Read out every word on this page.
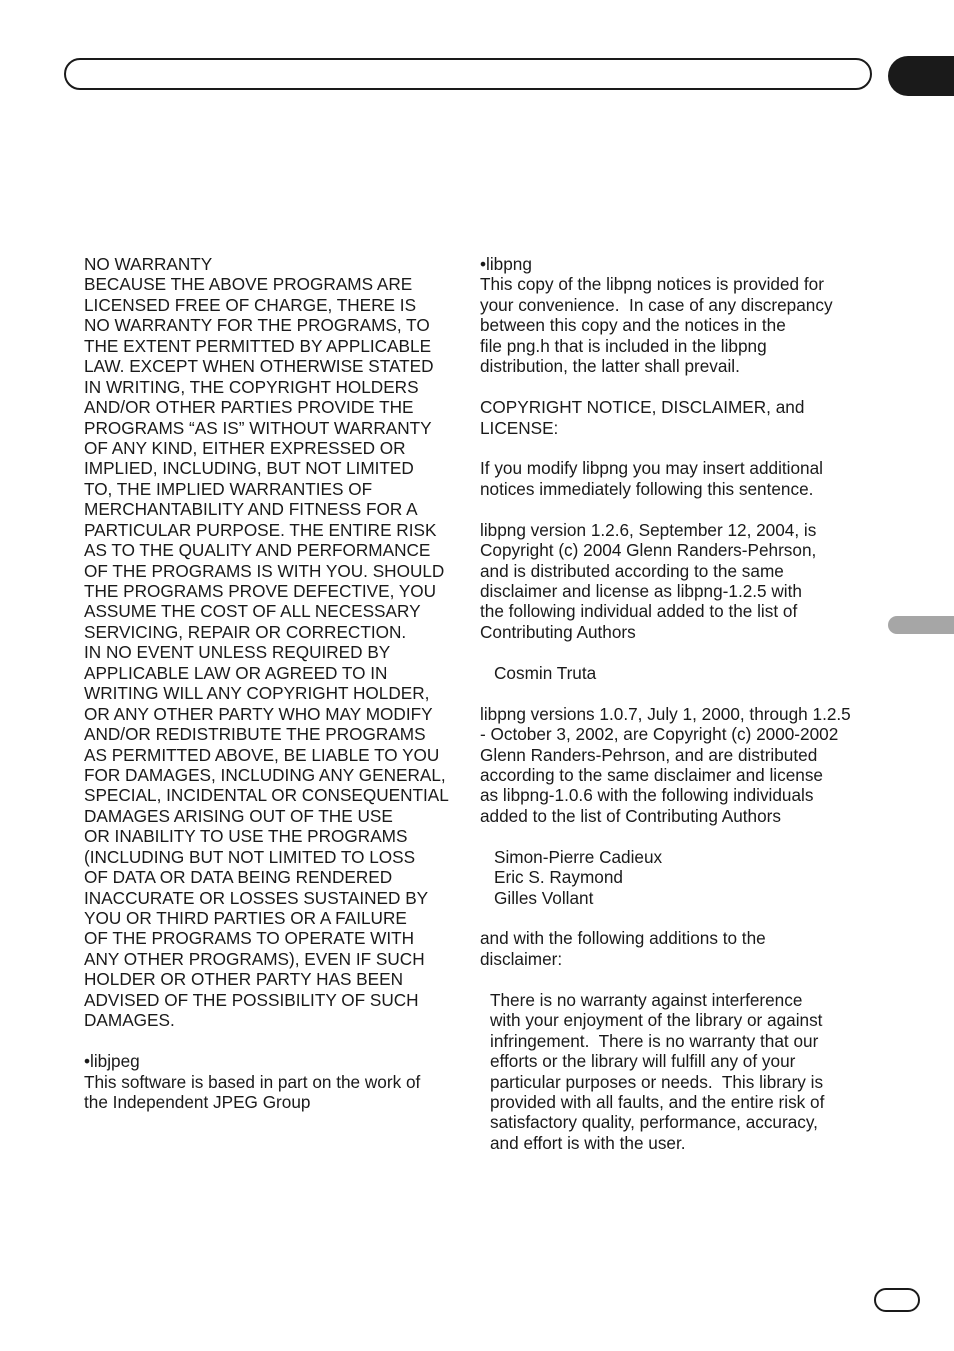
NO WARRANTY
BECAUSE THE ABOVE PROGRAMS ARE
LICENSED FREE OF CHARGE, THERE IS
NO WARRANTY FOR THE PROGRAMS, TO
THE EXTENT PERMITTED BY APPLICABLE
LAW. EXCEPT WHEN OTHERWISE STATED
IN WRITING, THE COPYRIGHT HOLDERS
AND/OR OTHER PARTIES PROVIDE THE
PROGRAMS “AS IS” WITHOUT WARRANTY
OF ANY KIND, EITHER EXPRESSED OR
IMPLIED, INCLUDING, BUT NOT LIMITED
TO, THE IMPLIED WARRANTIES OF
MERCHANTABILITY AND FITNESS FOR A
PARTICULAR PURPOSE. THE ENTIRE RISK
AS TO THE QUALITY AND PERFORMANCE
OF THE PROGRAMS IS WITH YOU. SHOULD
THE PROGRAMS PROVE DEFECTIVE, YOU
ASSUME THE COST OF ALL NECESSARY
SERVICING, REPAIR OR CORRECTION.
IN NO EVENT UNLESS REQUIRED BY
APPLICABLE LAW OR AGREED TO IN
WRITING WILL ANY COPYRIGHT HOLDER,
OR ANY OTHER PARTY WHO MAY MODIFY
AND/OR REDISTRIBUTE THE PROGRAMS
AS PERMITTED ABOVE, BE LIABLE TO YOU
FOR DAMAGES, INCLUDING ANY GENERAL,
SPECIAL, INCIDENTAL OR CONSEQUENTIAL
DAMAGES ARISING OUT OF THE USE
OR INABILITY TO USE THE PROGRAMS
(INCLUDING BUT NOT LIMITED TO LOSS
OF DATA OR DATA BEING RENDERED
INACCURATE OR LOSSES SUSTAINED BY
YOU OR THIRD PARTIES OR A FAILURE
OF THE PROGRAMS TO OPERATE WITH
ANY OTHER PROGRAMS), EVEN IF SUCH
HOLDER OR OTHER PARTY HAS BEEN
ADVISED OF THE POSSIBILITY OF SUCH
DAMAGES.
•libjpeg
This software is based in part on the work of
the Independent JPEG Group
•libpng
This copy of the libpng notices is provided for
your convenience.  In case of any discrepancy
between this copy and the notices in the
file png.h that is included in the libpng
distribution, the latter shall prevail.
COPYRIGHT NOTICE, DISCLAIMER, and
LICENSE:
If you modify libpng you may insert additional
notices immediately following this sentence.
libpng version 1.2.6, September 12, 2004, is
Copyright (c) 2004 Glenn Randers-Pehrson,
and is distributed according to the same
disclaimer and license as libpng-1.2.5 with
the following individual added to the list of
Contributing Authors
Cosmin Truta
libpng versions 1.0.7, July 1, 2000, through 1.2.5
- October 3, 2002, are Copyright (c) 2000-2002
Glenn Randers-Pehrson, and are distributed
according to the same disclaimer and license
as libpng-1.0.6 with the following individuals
added to the list of Contributing Authors
Simon-Pierre Cadieux
Eric S. Raymond
Gilles Vollant
and with the following additions to the
disclaimer:
There is no warranty against interference
with your enjoyment of the library or against
infringement.  There is no warranty that our
efforts or the library will fulfill any of your
particular purposes or needs.  This library is
provided with all faults, and the entire risk of
satisfactory quality, performance, accuracy,
and effort is with the user.
